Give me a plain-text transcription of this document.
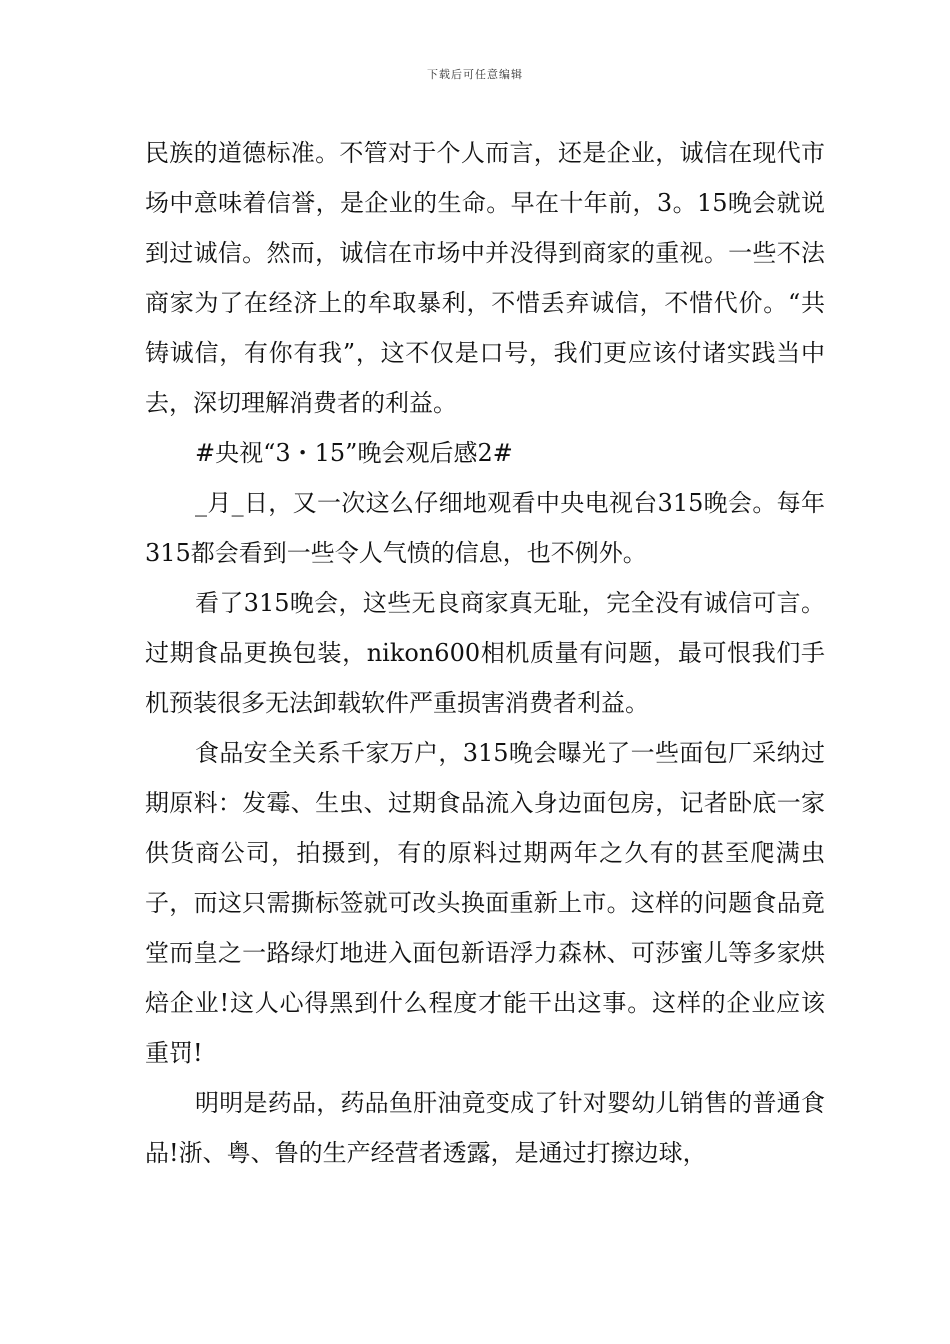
下载后可任意编辑

民族的道德标准。不管对于个人而言，还是企业，诚信在现代市场中意味着信誉，是企业的生命。早在十年前，3。15晚会就说到过诚信。然而，诚信在市场中并没得到商家的重视。一些不法商家为了在经济上的牟取暴利，不惜丢弃诚信，不惜代价。“共铸诚信，有你有我”，这不仅是口号，我们更应该付诸实践当中去，深切理解消费者的利益。

#央视“3・15”晚会观后感2#

_月_日，又一次这么仔细地观看中央电视台315晚会。每年315都会看到一些令人气愤的信息，也不例外。

看了315晚会，这些无良商家真无耻，完全没有诚信可言。过期食品更换包装，nikon600相机质量有问题，最可恨我们手机预装很多无法卸载软件严重损害消费者利益。

食品安全关系千家万户，315晚会曝光了一些面包厂采纳过期原料：发霉、生虫、过期食品流入身边面包房，记者卧底一家供货商公司，拍摄到，有的原料过期两年之久有的甚至爬满虫子，而这只需撕标签就可改头换面重新上市。这样的问题食品竟堂而皇之一路绿灯地进入面包新语浮力森林、可莎蜜儿等多家烘焙企业!这人心得黑到什么程度才能干出这事。这样的企业应该重罚!

明明是药品，药品鱼肝油竟变成了针对婴幼儿销售的普通食品!浙、粤、鲁的生产经营者透露，是通过打擦边球，
